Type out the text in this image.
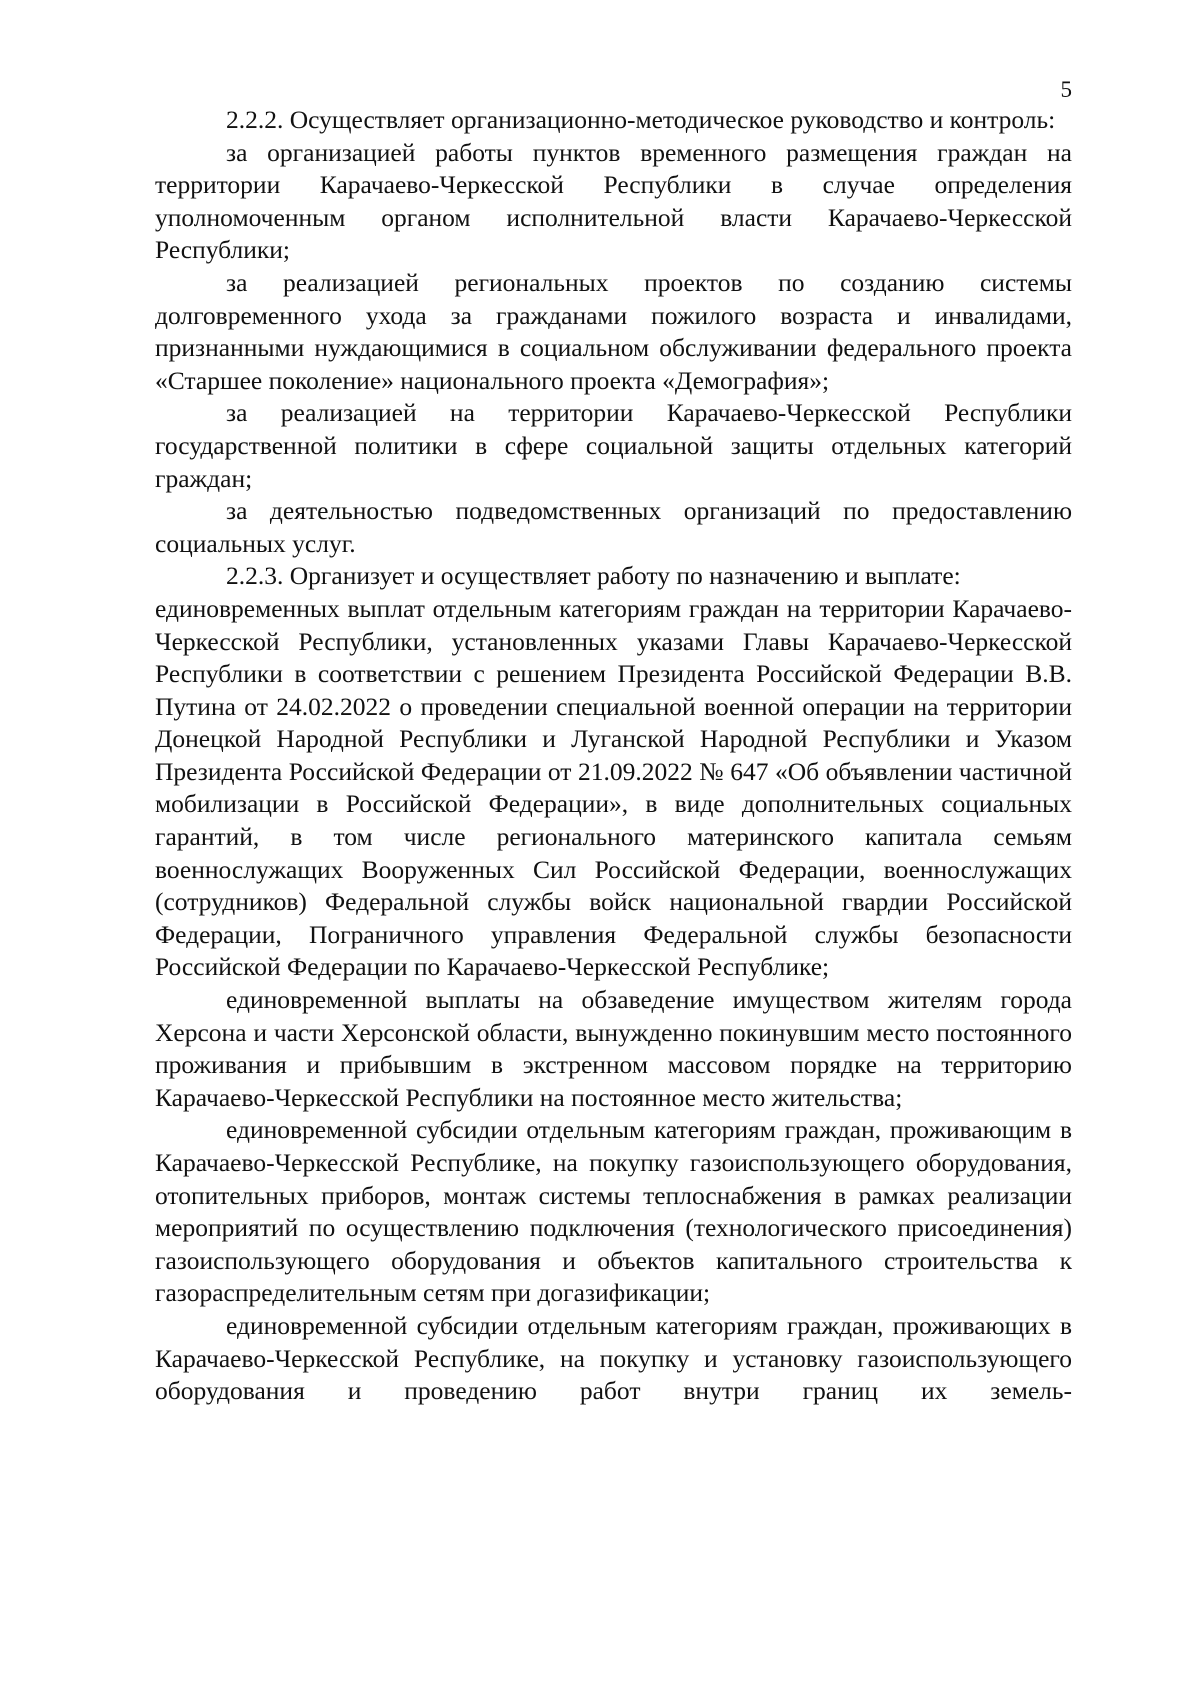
5

2.2.2. Осуществляет организационно-методическое руководство и контроль:

за организацией работы пунктов временного размещения граждан на территории Карачаево-Черкесской Республики в случае определения уполномоченным органом исполнительной власти Карачаево-Черкесской Республики;

за реализацией региональных проектов по созданию системы долговременного ухода за гражданами пожилого возраста и инвалидами, признанными нуждающимися в социальном обслуживании федерального проекта «Старшее поколение» национального проекта «Демография»;

за реализацией на территории Карачаево-Черкесской Республики государственной политики в сфере социальной защиты отдельных категорий граждан;

за деятельностью подведомственных организаций по предоставлению социальных услуг.

2.2.3. Организует и осуществляет работу по назначению и выплате:

единовременных выплат отдельным категориям граждан на территории Карачаево-Черкесской Республики, установленных указами Главы Карачаево-Черкесской Республики в соответствии с решением Президента Российской Федерации В.В. Путина от 24.02.2022 о проведении специальной военной операции на территории Донецкой Народной Республики и Луганской Народной Республики и Указом Президента Российской Федерации от 21.09.2022 № 647 «Об объявлении частичной мобилизации в Российской Федерации», в виде дополнительных социальных гарантий, в том числе регионального материнского капитала семьям военнослужащих Вооруженных Сил Российской Федерации, военнослужащих (сотрудников) Федеральной службы войск национальной гвардии Российской Федерации, Пограничного управления Федеральной службы безопасности Российской Федерации по Карачаево-Черкесской Республике;

единовременной выплаты на обзаведение имуществом жителям города Херсона и части Херсонской области, вынужденно покинувшим место постоянного проживания и прибывшим в экстренном массовом порядке на территорию Карачаево-Черкесской Республики на постоянное место жительства;

единовременной субсидии отдельным категориям граждан, проживающим в Карачаево-Черкесской Республике, на покупку газоиспользующего оборудования, отопительных приборов, монтаж системы теплоснабжения в рамках реализации мероприятий по осуществлению подключения (технологического присоединения) газоиспользующего оборудования и объектов капитального строительства к газораспределительным сетям при догазификации;

единовременной субсидии отдельным категориям граждан, проживающих в Карачаево-Черкесской Республике, на покупку и установку газоиспользующего оборудования и проведению работ внутри границ их земель-
